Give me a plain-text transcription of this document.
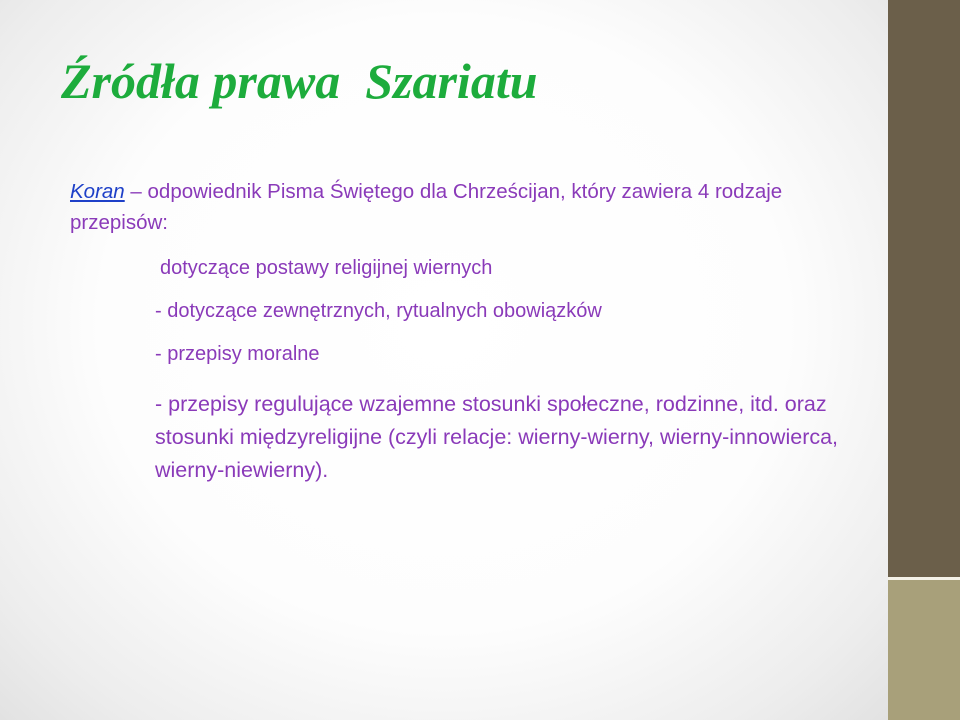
Źródła prawa  Szariatu

Koran – odpowiednik Pisma Świętego dla Chrześcijan, który zawiera 4 rodzaje przepisów:

dotyczące postawy religijnej wiernych
- dotyczące zewnętrznych, rytualnych obowiązków
- przepisy moralne
- przepisy regulujące wzajemne stosunki społeczne, rodzinne, itd. oraz stosunki międzyreligijne (czyli relacje: wierny-wierny, wierny-innowierca, wierny-niewierny).
